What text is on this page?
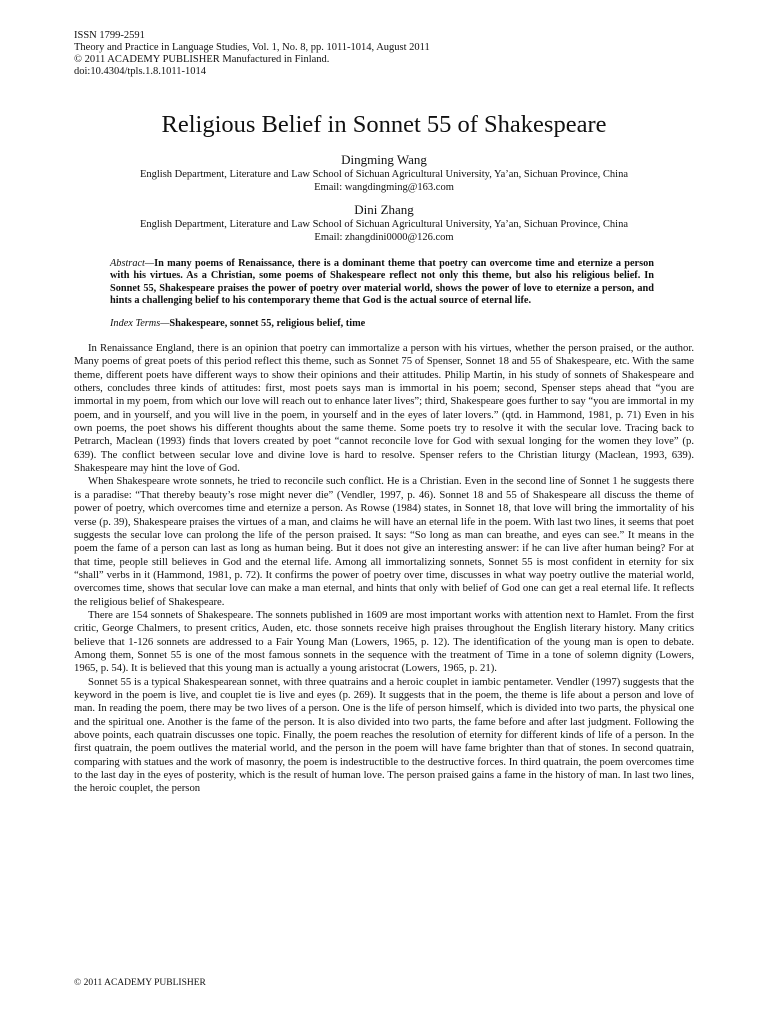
ISSN 1799-2591
Theory and Practice in Language Studies, Vol. 1, No. 8, pp. 1011-1014, August 2011
© 2011 ACADEMY PUBLISHER Manufactured in Finland.
doi:10.4304/tpls.1.8.1011-1014
Religious Belief in Sonnet 55 of Shakespeare
Dingming Wang
English Department, Literature and Law School of Sichuan Agricultural University, Ya’an, Sichuan Province, China
Email: wangdingming@163.com
Dini Zhang
English Department, Literature and Law School of Sichuan Agricultural University, Ya’an, Sichuan Province, China
Email: zhangdini0000@126.com
Abstract—In many poems of Renaissance, there is a dominant theme that poetry can overcome time and eternize a person with his virtues. As a Christian, some poems of Shakespeare reflect not only this theme, but also his religious belief. In Sonnet 55, Shakespeare praises the power of poetry over material world, shows the power of love to eternize a person, and hints a challenging belief to his contemporary theme that God is the actual source of eternal life.
Index Terms—Shakespeare, sonnet 55, religious belief, time

In Renaissance England, there is an opinion that poetry can immortalize a person with his virtues, whether the person praised, or the author. Many poems of great poets of this period reflect this theme, such as Sonnet 75 of Spenser, Sonnet 18 and 55 of Shakespeare, etc. With the same theme, different poets have different ways to show their opinions and their attitudes. Philip Martin, in his study of sonnets of Shakespeare and others, concludes three kinds of attitudes: first, most poets says man is immortal in his poem; second, Spenser steps ahead that “you are immortal in my poem, from which our love will reach out to enhance later lives”; third, Shakespeare goes further to say “you are immortal in my poem, and in yourself, and you will live in the poem, in yourself and in the eyes of later lovers.” (qtd. in Hammond, 1981, p. 71) Even in his own poems, the poet shows his different thoughts about the same theme. Some poets try to resolve it with the secular love. Tracing back to Petrarch, Maclean (1993) finds that lovers created by poet “cannot reconcile love for God with sexual longing for the women they love” (p. 639). The conflict between secular love and divine love is hard to resolve. Spenser refers to the Christian liturgy (Maclean, 1993, 639). Shakespeare may hint the love of God.

When Shakespeare wrote sonnets, he tried to reconcile such conflict. He is a Christian. Even in the second line of Sonnet 1 he suggests there is a paradise: “That thereby beauty’s rose might never die” (Vendler, 1997, p. 46). Sonnet 18 and 55 of Shakespeare all discuss the theme of power of poetry, which overcomes time and eternize a person. As Rowse (1984) states, in Sonnet 18, that love will bring the immortality of his verse (p. 39), Shakespeare praises the virtues of a man, and claims he will have an eternal life in the poem. With last two lines, it seems that poet suggests the secular love can prolong the life of the person praised. It says: “So long as man can breathe, and eyes can see.” It means in the poem the fame of a person can last as long as human being. But it does not give an interesting answer: if he can live after human being? For at that time, people still believes in God and the eternal life. Among all immortalizing sonnets, Sonnet 55 is most confident in eternity for six “shall” verbs in it (Hammond, 1981, p. 72). It confirms the power of poetry over time, discusses in what way poetry outlive the material world, overcomes time, shows that secular love can make a man eternal, and hints that only with belief of God one can get a real eternal life. It reflects the religious belief of Shakespeare.

There are 154 sonnets of Shakespeare. The sonnets published in 1609 are most important works with attention next to Hamlet. From the first critic, George Chalmers, to present critics, Auden, etc. those sonnets receive high praises throughout the English literary history. Many critics believe that 1-126 sonnets are addressed to a Fair Young Man (Lowers, 1965, p. 12). The identification of the young man is open to debate. Among them, Sonnet 55 is one of the most famous sonnets in the sequence with the treatment of Time in a tone of solemn dignity (Lowers, 1965, p. 54). It is believed that this young man is actually a young aristocrat (Lowers, 1965, p. 21).

Sonnet 55 is a typical Shakespearean sonnet, with three quatrains and a heroic couplet in iambic pentameter. Vendler (1997) suggests that the keyword in the poem is live, and couplet tie is live and eyes (p. 269). It suggests that in the poem, the theme is life about a person and love of man. In reading the poem, there may be two lives of a person. One is the life of person himself, which is divided into two parts, the physical one and the spiritual one. Another is the fame of the person. It is also divided into two parts, the fame before and after last judgment. Following the above points, each quatrain discusses one topic. Finally, the poem reaches the resolution of eternity for different kinds of life of a person. In the first quatrain, the poem outlives the material world, and the person in the poem will have fame brighter than that of stones. In second quatrain, comparing with statues and the work of masonry, the poem is indestructible to the destructive forces. In third quatrain, the poem overcomes time to the last day in the eyes of posterity, which is the result of human love. The person praised gains a fame in the history of man. In last two lines, the heroic couplet, the person

© 2011 ACADEMY PUBLISHER
